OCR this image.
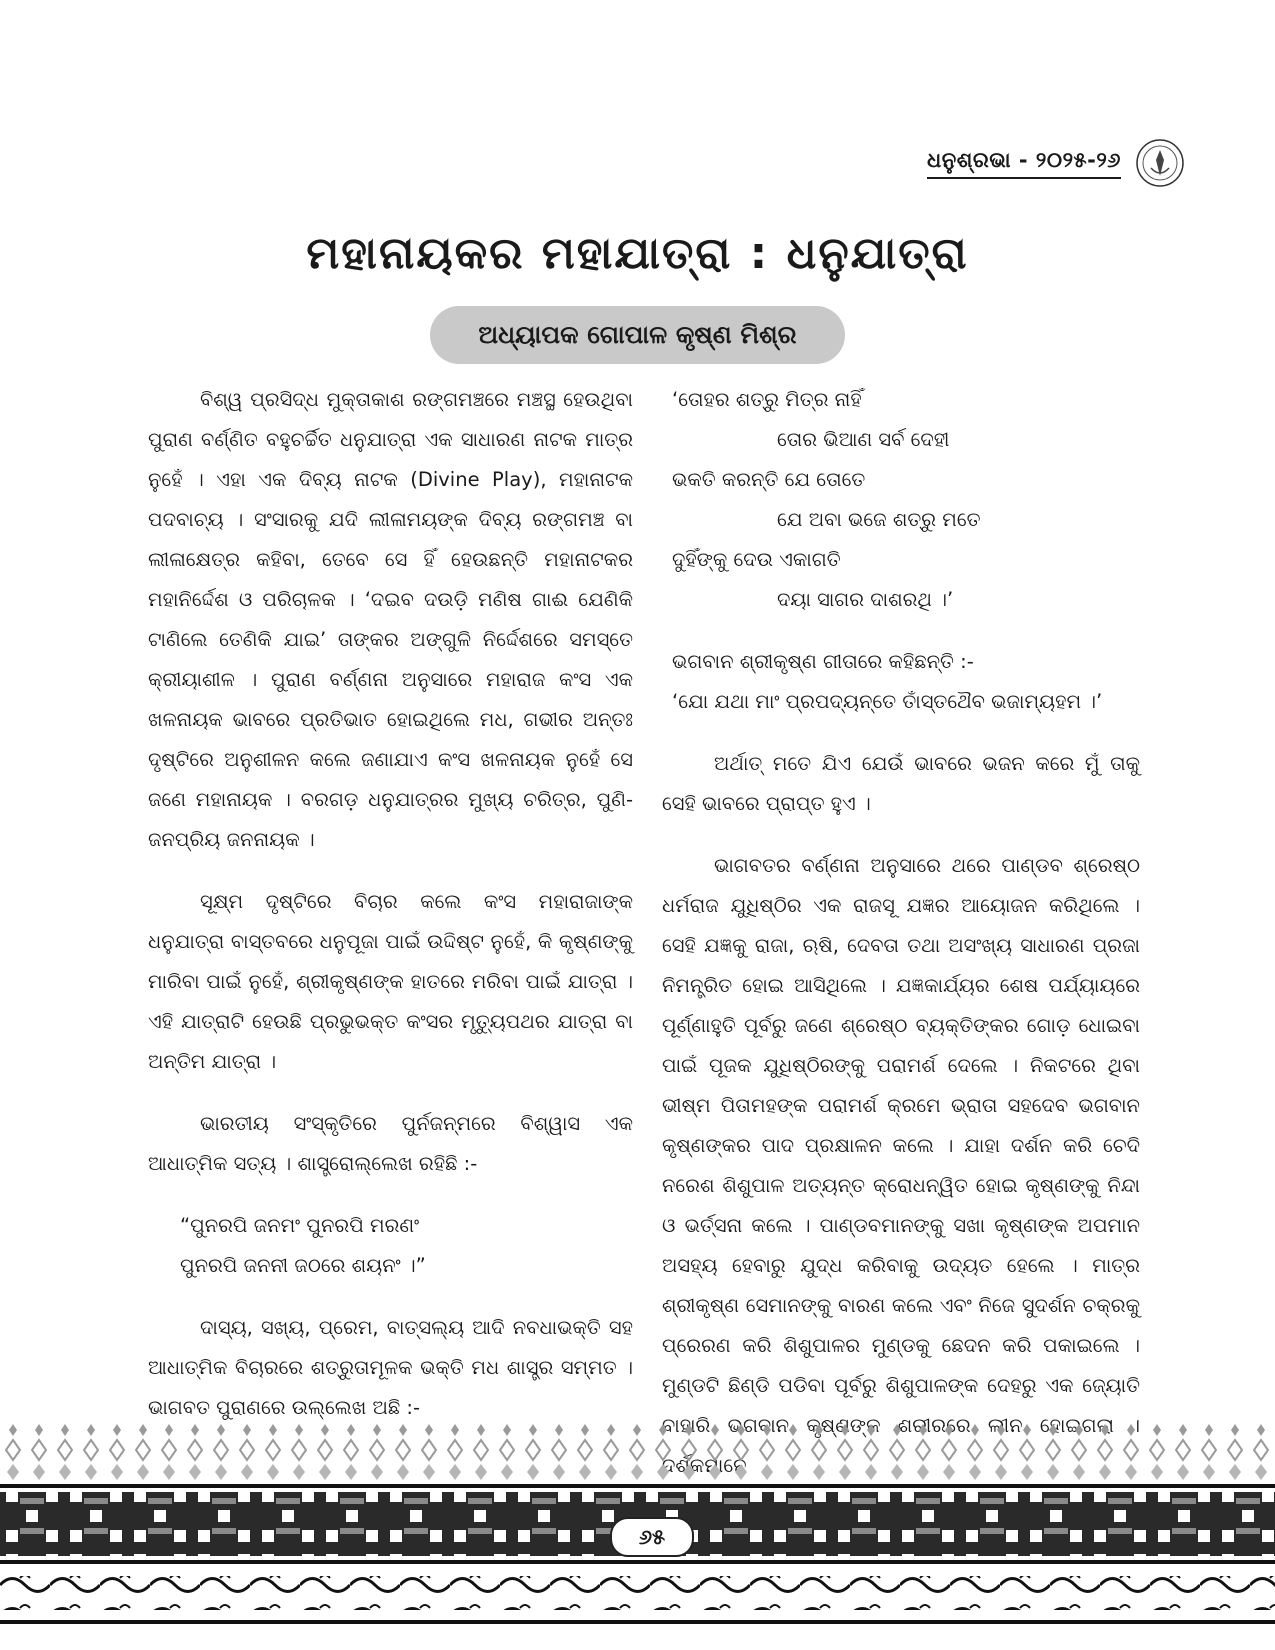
ଧନୁଶ୍ରଭା - ୨୦୨୫-୨୬
ମହାନାୟକର ମହାଯାତ୍ରା : ଧନୁଯାତ୍ରା
ଅଧ୍ୟାପକ ଗୋପାଳ କୃଷ୍ଣ ମିଶ୍ର

ବିଶ୍ୱ ପ୍ରସିଦ୍ଧ ମୁକ୍ତାକାଶ ରଙ୍ଗମଞ୍ଚରେ ମଞ୍ଚସ୍ଥ ହେଉଥିବା ପୁରାଣ ବର୍ଣ୍ଣିତ ବହୁଚର୍ଚ୍ଚିତ ଧନୁଯାତ୍ରା ଏକ ସାଧାରଣ ନାଟକ ମାତ୍ର ନୁହେଁ । ଏହା ଏକ ଦିବ୍ୟ ନାଟକ (Divine Play), ମହାନାଟକ ପଦବାଚ୍ୟ । ସଂସାରକୁ ଯଦି ଲୀଳାମୟଙ୍କ ଦିବ୍ୟ ରଙ୍ଗମଞ୍ଚ ବା ଲୀଳାକ୍ଷେତ୍ର କହିବା, ତେବେ ସେ ହିଁ ହେଉଛନ୍ତି ମହାନାଟକର ମହାନିର୍ଦ୍ଦେଶ ଓ ପରିଚାଳକ । ‘ଦଇବ ଦଉଡ଼ି ମଣିଷ ଗାଈ ଯେଣିକି ଟାଣିଲେ ତେଣିକି ଯାଇ’ ତାଙ୍କର ଅଙ୍ଗୁଳି ନିର୍ଦ୍ଦେଶରେ ସମସ୍ତେ କ୍ରୀୟାଶୀଳ । ପୁରାଣ ବର୍ଣ୍ଣନା ଅନୁସାରେ ମହାରାଜ କଂସ ଏକ ଖଳନାୟକ ଭାବରେ ପ୍ରତିଭାତ ହୋଇଥିଲେ ମଧ, ଗଭୀର ଅନ୍ତଃ ଦୃଷ୍ଟିରେ ଅନୁଶୀଳନ କଲେ ଜଣାଯାଏ କଂସ ଖଳନାୟକ ନୁହେଁ ସେ ଜଣେ ମହାନାୟକ । ବରଗଡ଼ ଧନୁଯାତ୍ରର ମୁଖ୍ୟ ଚରିତ୍ର, ପୁଣି- ଜନପ୍ରିୟ ଜନନାୟକ ।

ସୂକ୍ଷ୍ମ ଦୃଷ୍ଟିରେ ବିଚାର କଲେ କଂସ ମହାରାଜାଙ୍କ ଧନୁଯାତ୍ରା ବାସ୍ତବରେ ଧନୁପୂଜା ପାଇଁ ଉଦ୍ଦିଷ୍ଟ ନୁହେଁ, କି କୃଷ୍ଣଙ୍କୁ ମାରିବା ପାଇଁ ନୁହେଁ, ଶ୍ରୀକୃଷ୍ଣଙ୍କ ହାତରେ ମରିବା ପାଇଁ ଯାତ୍ରା । ଏହି ଯାତ୍ରାଟି ହେଉଛି ପ୍ରଭୁଭକ୍ତ କଂସର ମୃତ୍ୟୁପଥର ଯାତ୍ରା ବା ଅନ୍ତିମ ଯାତ୍ରା ।

ଭାରତୀୟ ସଂସ୍କୃତିରେ ପୁର୍ନଜନ୍ମରେ ବିଶ୍ୱାସ ଏକ ଆଧାତ୍ମିକ ସତ୍ୟ । ଶାସ୍ତ୍ରୋଲ୍ଲେଖ ରହିଛି :-

“ପୁନରପି ଜନମଂ ପୁନରପି ମରଣଂ
ପୁନରପି ଜନନୀ ଜଠରେ ଶୟନଂ ।”

ଦାସ୍ୟ, ସଖ୍ୟ, ପ୍ରେମ, ବାତ୍ସଲ୍ୟ ଆଦି ନବଧାଭକ୍ତି ସହ ଆଧାତ୍ମିକ ବିଚାରରେ ଶତ୍ରୁତାମୂଳକ ଭକ୍ତି ମଧ ଶାସ୍ତ୍ର ସମ୍ମତ । ଭାଗବତ ପୁରାଣରେ ଉଲ୍ଲେଖ ଅଛି :-

‘ତୋହର ଶତ୍ରୁ ମିତ୍ର ନାହିଁ
ତୋର ଭିଆଣ ସର୍ବ ଦେହୀ
ଭକତି କରନ୍ତି ଯେ ତୋତେ
ଯେ ଅବା ଭଜେ ଶତ୍ରୁ ମତେ
ଦୁହିଁଙ୍କୁ ଦେଉ ଏକାଗତି
ଦୟା ସାଗର ଦାଶରଥି ।’
ଭଗବାନ ଶ୍ରୀକୃଷ୍ଣ ଗୀତାରେ କହିଛନ୍ତି :-
‘ଯୋ ଯଥା ମାଂ ପ୍ରପଦ୍ୟନ୍ତେ ତାଁସ୍ତଥୈବ ଭଜାମ୍ୟହମ ।’

ଅର୍ଥାତ୍ ମତେ ଯିଏ ଯେଉଁ ଭାବରେ ଭଜନ କରେ ମୁଁ ତାକୁ ସେହି ଭାବରେ ପ୍ରାପ୍ତ ହୁଏ ।

ଭାଗବତର ବର୍ଣ୍ଣନା ଅନୁସାରେ ଥରେ ପାଣ୍ଡବ ଶ୍ରେଷ୍ଠ ଧର୍ମରାଜ ଯୁଧିଷ୍ଠିର ଏକ ରାଜସୂ ଯଜ୍ଞର ଆୟୋଜନ କରିଥିଲେ । ସେହି ଯଜ୍ଞକୁ ରାଜା, ଋଷି, ଦେବତା ତଥା ଅସଂଖ୍ୟ ସାଧାରଣ ପ୍ରଜା ନିମନ୍ତ୍ରିତ ହୋଇ ଆସିଥିଲେ । ଯଜ୍ଞକାର୍ଯ୍ୟର ଶେଷ ପର୍ଯ୍ୟାୟରେ ପୂର୍ଣ୍ଣାହୁତି ପୂର୍ବରୁ ଜଣେ ଶ୍ରେଷ୍ଠ ବ୍ୟକ୍ତିଙ୍କର ଗୋଡ଼ ଧୋଇବା ପାଇଁ ପୂଜକ ଯୁଧିଷ୍ଠିରଙ୍କୁ ପରାମର୍ଶ ଦେଲେ । ନିକଟରେ ଥିବା ଭୀଷ୍ମ ପିତାମହଙ୍କ ପରାମର୍ଶ କ୍ରମେ ଭ୍ରାତା ସହଦେବ ଭଗବାନ କୃଷ୍ଣଙ୍କର ପାଦ ପ୍ରକ୍ଷାଳନ କଲେ । ଯାହା ଦର୍ଶନ କରି ଚେଦି ନରେଶ ଶିଶୁପାଳ ଅତ୍ୟନ୍ତ କ୍ରୋଧନ୍ୱିତ ହୋଇ କୃଷ୍ଣଙ୍କୁ ନିନ୍ଦା ଓ ଭର୍ତ୍ସନା କଲେ । ପାଣ୍ଡବମାନଙ୍କୁ ସଖା କୃଷ୍ଣଙ୍କ ଅପମାନ ଅସହ୍ୟ ହେବାରୁ ଯୁଦ୍ଧ କରିବାକୁ ଉଦ୍ୟତ ହେଲେ । ମାତ୍ର ଶ୍ରୀକୃଷ୍ଣ ସେମାନଙ୍କୁ ବାରଣ କଲେ ଏବଂ ନିଜେ ସୁଦର୍ଶନ ଚକ୍ରକୁ ପ୍ରେରଣ କରି ଶିଶୁପାଳର ମୁଣ୍ଡକୁ ଛେଦନ କରି ପକାଇଲେ । ମୁଣ୍ଡଟି ଛିଣ୍ଡି ପଡିବା ପୂର୍ବରୁ ଶିଶୁପାଳଙ୍କ ଦେହରୁ ଏକ ଜ୍ୟୋତି

୬୫
